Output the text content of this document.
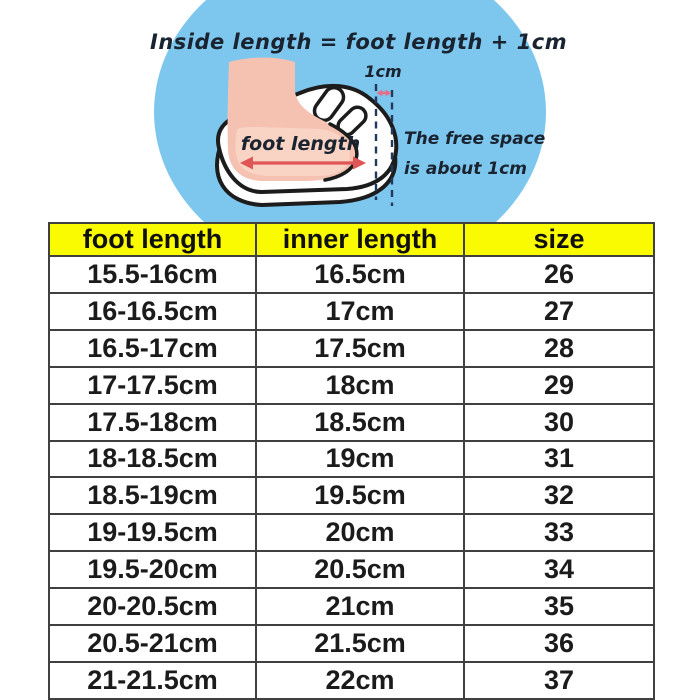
Inside length = foot length + 1cm
1cm
foot length	The free space
is about 1cm
foot length	inner length	size
15.5-16cm	16.5cm	26
16-16.5cm	17cm	27
16.5-17cm	17.5cm	28
17-17.5cm	18cm	29
17.5-18cm	18.5cm	30
18-18.5cm	19cm	31
18.5-19cm	19.5cm	32
19-19.5cm	20cm	33
19.5-20cm	20.5cm	34
20-20.5cm	21cm	35
20.5-21cm	21.5cm	36
21-21.5cm	22cm	37
